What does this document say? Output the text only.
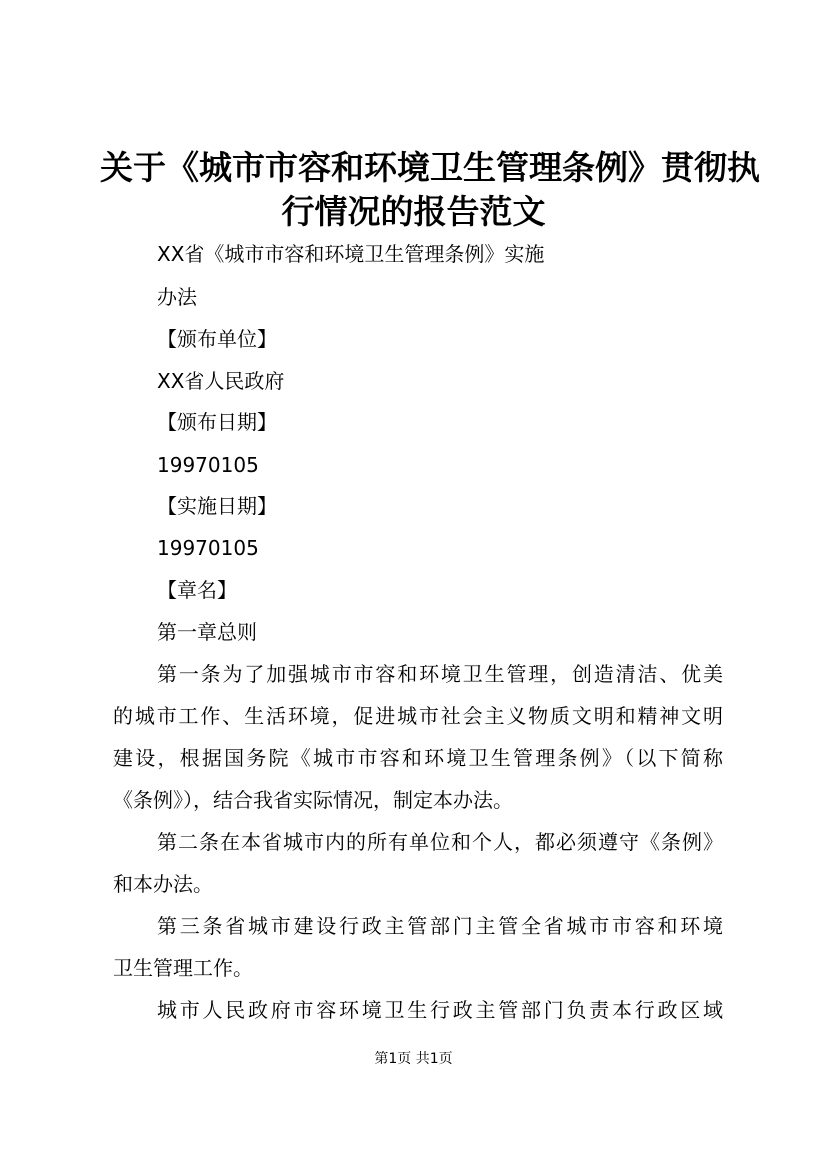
关于《城市市容和环境卫生管理条例》贯彻执
行情况的报告范文

XX省《城市市容和环境卫生管理条例》实施

办法

【颁布单位】

XX省人民政府

【颁布日期】

19970105

【实施日期】

19970105

【章名】

第一章总则

第一条为了加强城市市容和环境卫生管理，创造清洁、优美

的城市工作、生活环境，促进城市社会主义物质文明和精神文明

建设，根据国务院《城市市容和环境卫生管理条例》（以下简称

《条例》），结合我省实际情况，制定本办法。

第二条在本省城市内的所有单位和个人，都必须遵守《条例》

和本办法。

第三条省城市建设行政主管部门主管全省城市市容和环境

卫生管理工作。

城市人民政府市容环境卫生行政主管部门负责本行政区域

第1页 共1页
